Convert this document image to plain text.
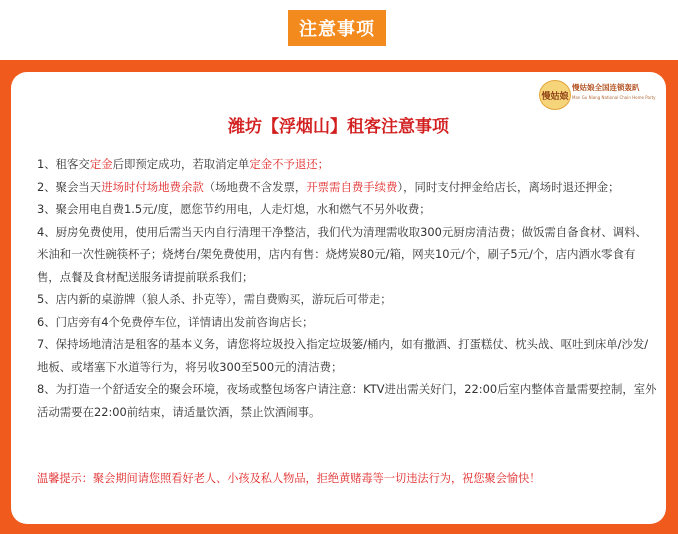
注意事项
慢姑娘
慢姑娘全国连锁轰趴
Man Gu Niang National Chain Home Party
潍坊【浮烟山】租客注意事项

1、租客交定金后即预定成功，若取消定单定金不予退还；

2、聚会当天进场时付场地费余款（场地费不含发票，开票需自费手续费），同时支付押金给店长，离场时退还押金；

3、聚会用电自费1.5元/度，愿您节约用电，人走灯熄，水和燃气不另外收费；

4、厨房免费使用，使用后需当天内自行清理干净整洁，我们代为清理需收取300元厨房清洁费；做饭需自备食材、调料、米油和一次性碗筷杯子；烧烤台/架免费使用，店内有售：烧烤炭80元/箱，网夹10元/个，刷子5元/个，店内酒水零食有售，点餐及食材配送服务请提前联系我们；

5、店内新的桌游牌（狼人杀、扑克等），需自费购买，游玩后可带走；

6、门店旁有4个免费停车位，详情请出发前咨询店长；

7、保持场地清洁是租客的基本义务，请您将垃圾投入指定垃圾篓/桶内，如有撒酒、打蛋糕仗、枕头战、呕吐到床单/沙发/地板、或堵塞下水道等行为，将另收300至500元的清洁费；

8、为打造一个舒适安全的聚会环境，夜场或整包场客户请注意：KTV进出需关好门，22:00后室内整体音量需要控制，室外活动需要在22:00前结束，请适量饮酒，禁止饮酒闹事。

温馨提示：聚会期间请您照看好老人、小孩及私人物品，拒绝黄赌毒等一切违法行为，祝您聚会愉快！
